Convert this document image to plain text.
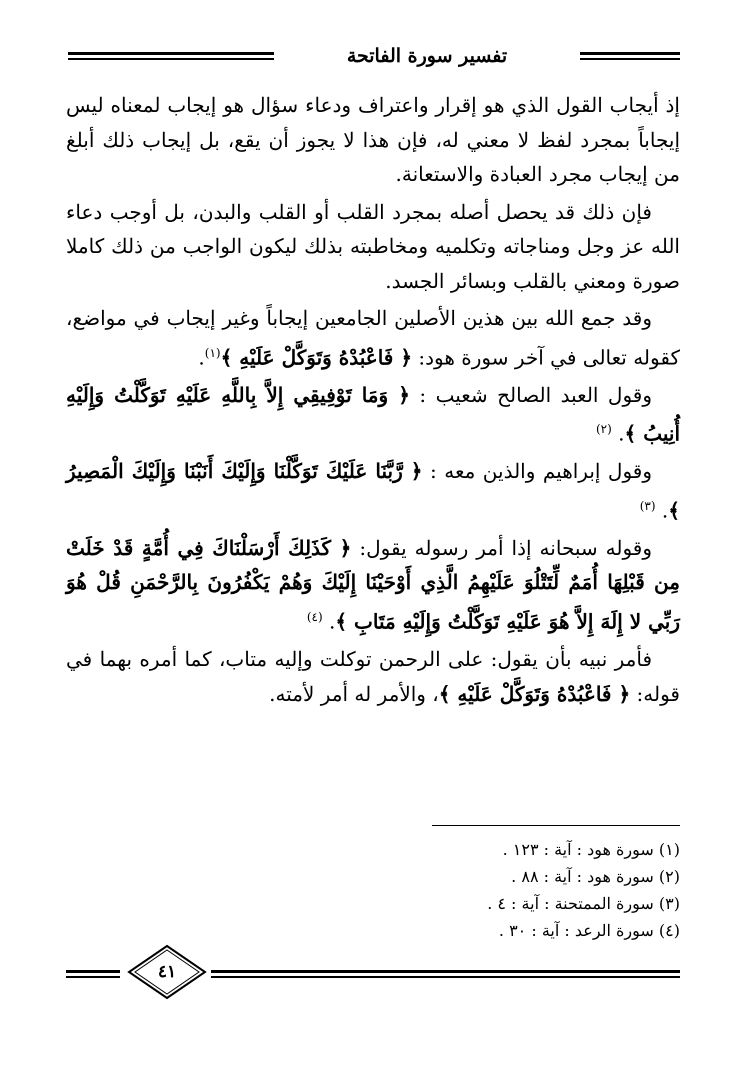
تفسير سورة الفاتحة

إذ أيجاب القول الذي هو إقرار واعتراف ودعاء سؤال هو إيجاب لمعناه ليس إيجاباً بمجرد لفظ لا معني له، فإن هذا لا يجوز أن يقع، بل إيجاب ذلك أبلغ من إيجاب مجرد العبادة والاستعانة.

فإن ذلك قد يحصل أصله بمجرد القلب أو القلب والبدن، بل أوجب دعاء الله عز وجل ومناجاته وتكلميه ومخاطبته بذلك ليكون الواجب من ذلك كاملا صورة ومعني بالقلب وبسائر الجسد.

وقد جمع الله بين هذين الأصلين الجامعين إيجاباً وغير إيجاب في مواضع، كقوله تعالى في آخر سورة هود: ﴿ فَاعْبُدْهُ وَتَوَكَّلْ عَلَيْهِ ﴾$^{(١)}$.

وقول العبد الصالح شعيب : ﴿ وَمَا تَوْفِيقِي إِلاَّ بِاللَّهِ عَلَيْهِ تَوَكَّلْتُ وَإِلَيْهِ أُنِيبُ ﴾. $^{(٢)}$

وقول إبراهيم والذين معه : ﴿ رَّبَّنَا عَلَيْكَ تَوَكَّلْنَا وَإِلَيْكَ أَنَبْنَا وَإِلَيْكَ الْمَصِيرُ ﴾. $^{(٣)}$

وقوله سبحانه إذا أمر رسوله يقول: ﴿ كَذَلِكَ أَرْسَلْنَاكَ فِي أُمَّةٍ قَدْ خَلَتْ مِن قَبْلِهَا أُمَمٌ لِّتَتْلُوَ عَلَيْهِمُ الَّذِي أَوْحَيْنَا إِلَيْكَ وَهُمْ يَكْفُرُونَ بِالرَّحْمَنِ قُلْ هُوَ رَبِّي لا إِلَهَ إِلاَّ هُوَ عَلَيْهِ تَوَكَّلْتُ وَإِلَيْهِ مَتَابِ ﴾. $^{(٤)}$

فأمر نبيه بأن يقول: على الرحمن توكلت وإليه متاب، كما أمره بهما في قوله: ﴿ فَاعْبُدْهُ وَتَوَكَّلْ عَلَيْهِ ﴾، والأمر له أمر لأمته.

(١) سورة هود : آية : ١٢٣ .
(٢) سورة هود : آية : ٨٨ .
(٣) سورة الممتحنة : آية : ٤ .
(٤) سورة الرعد : آية : ٣٠ .
٤١
